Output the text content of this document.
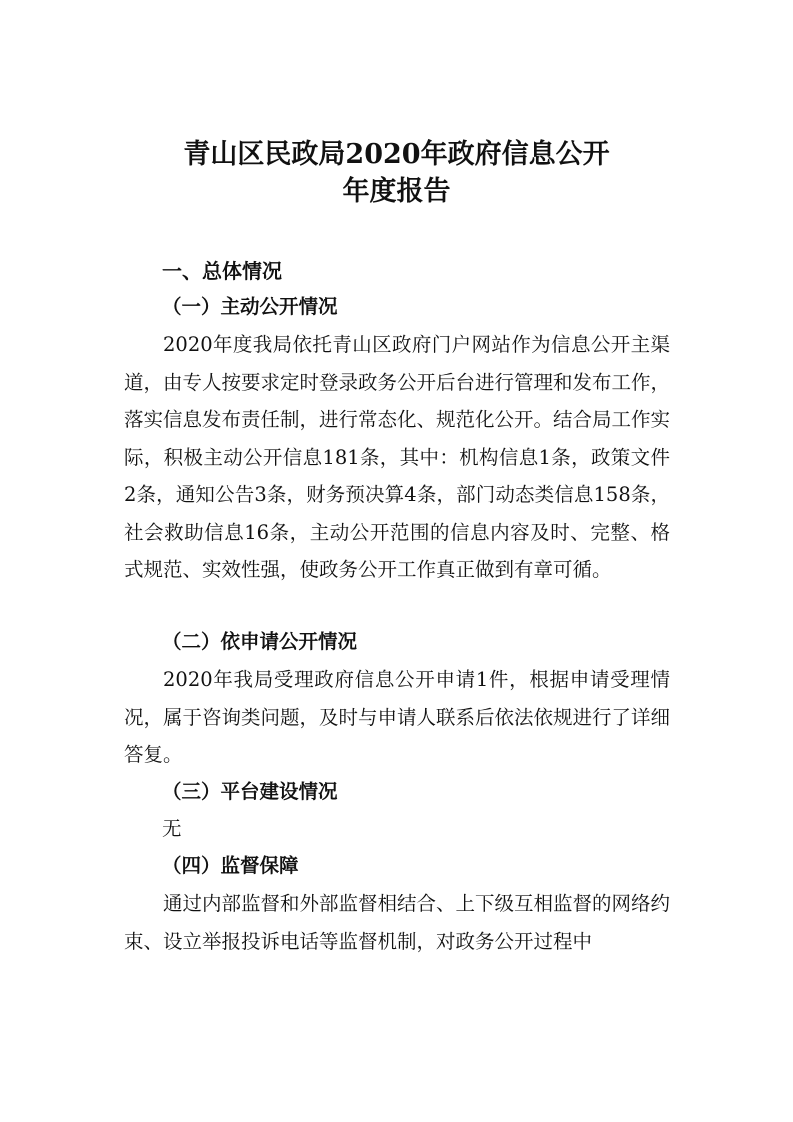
青山区民政局2020年政府信息公开
年度报告
一、总体情况
（一）主动公开情况

2020年度我局依托青山区政府门户网站作为信息公开主渠道，由专人按要求定时登录政务公开后台进行管理和发布工作，落实信息发布责任制，进行常态化、规范化公开。结合局工作实际，积极主动公开信息181条，其中：机构信息1条，政策文件2条，通知公告3条，财务预决算4条，部门动态类信息158条，社会救助信息16条，主动公开范围的信息内容及时、完整、格式规范、实效性强，使政务公开工作真正做到有章可循。

（二）依申请公开情况

2020年我局受理政府信息公开申请1件，根据申请受理情况，属于咨询类问题，及时与申请人联系后依法依规进行了详细答复。

（三）平台建设情况

无

（四）监督保障

通过内部监督和外部监督相结合、上下级互相监督的网络约束、设立举报投诉电话等监督机制，对政务公开过程中
